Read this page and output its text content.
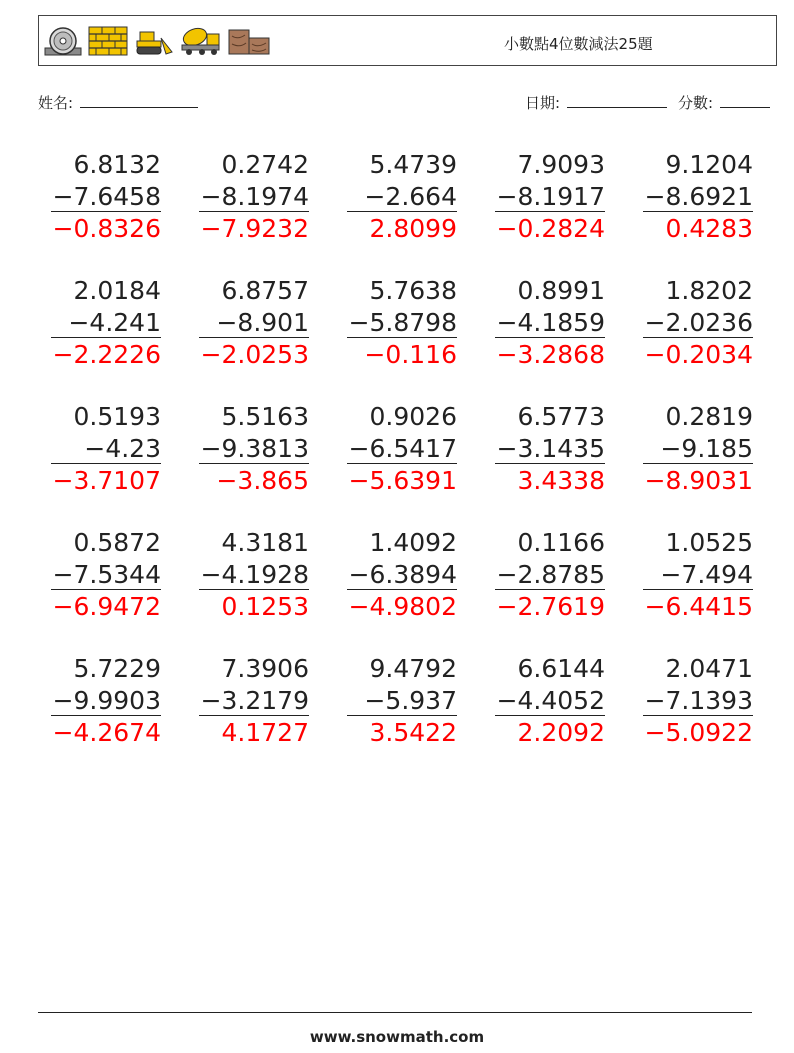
小數點4位數減法25題
姓名:	日期:	分數:
6.8132
−7.6458
−0.8326
0.2742
−8.1974
−7.9232
5.4739
−2.664
2.8099
7.9093
−8.1917
−0.2824
9.1204
−8.6921
0.4283
2.0184
−4.241
−2.2226
6.8757
−8.901
−2.0253
5.7638
−5.8798
−0.116
0.8991
−4.1859
−3.2868
1.8202
−2.0236
−0.2034
0.5193
−4.23
−3.7107
5.5163
−9.3813
−3.865
0.9026
−6.5417
−5.6391
6.5773
−3.1435
3.4338
0.2819
−9.185
−8.9031
0.5872
−7.5344
−6.9472
4.3181
−4.1928
0.1253
1.4092
−6.3894
−4.9802
0.1166
−2.8785
−2.7619
1.0525
−7.494
−6.4415
5.7229
−9.9903
−4.2674
7.3906
−3.2179
4.1727
9.4792
−5.937
3.5422
6.6144
−4.4052
2.2092
2.0471
−7.1393
−5.0922
www.snowmath.com
